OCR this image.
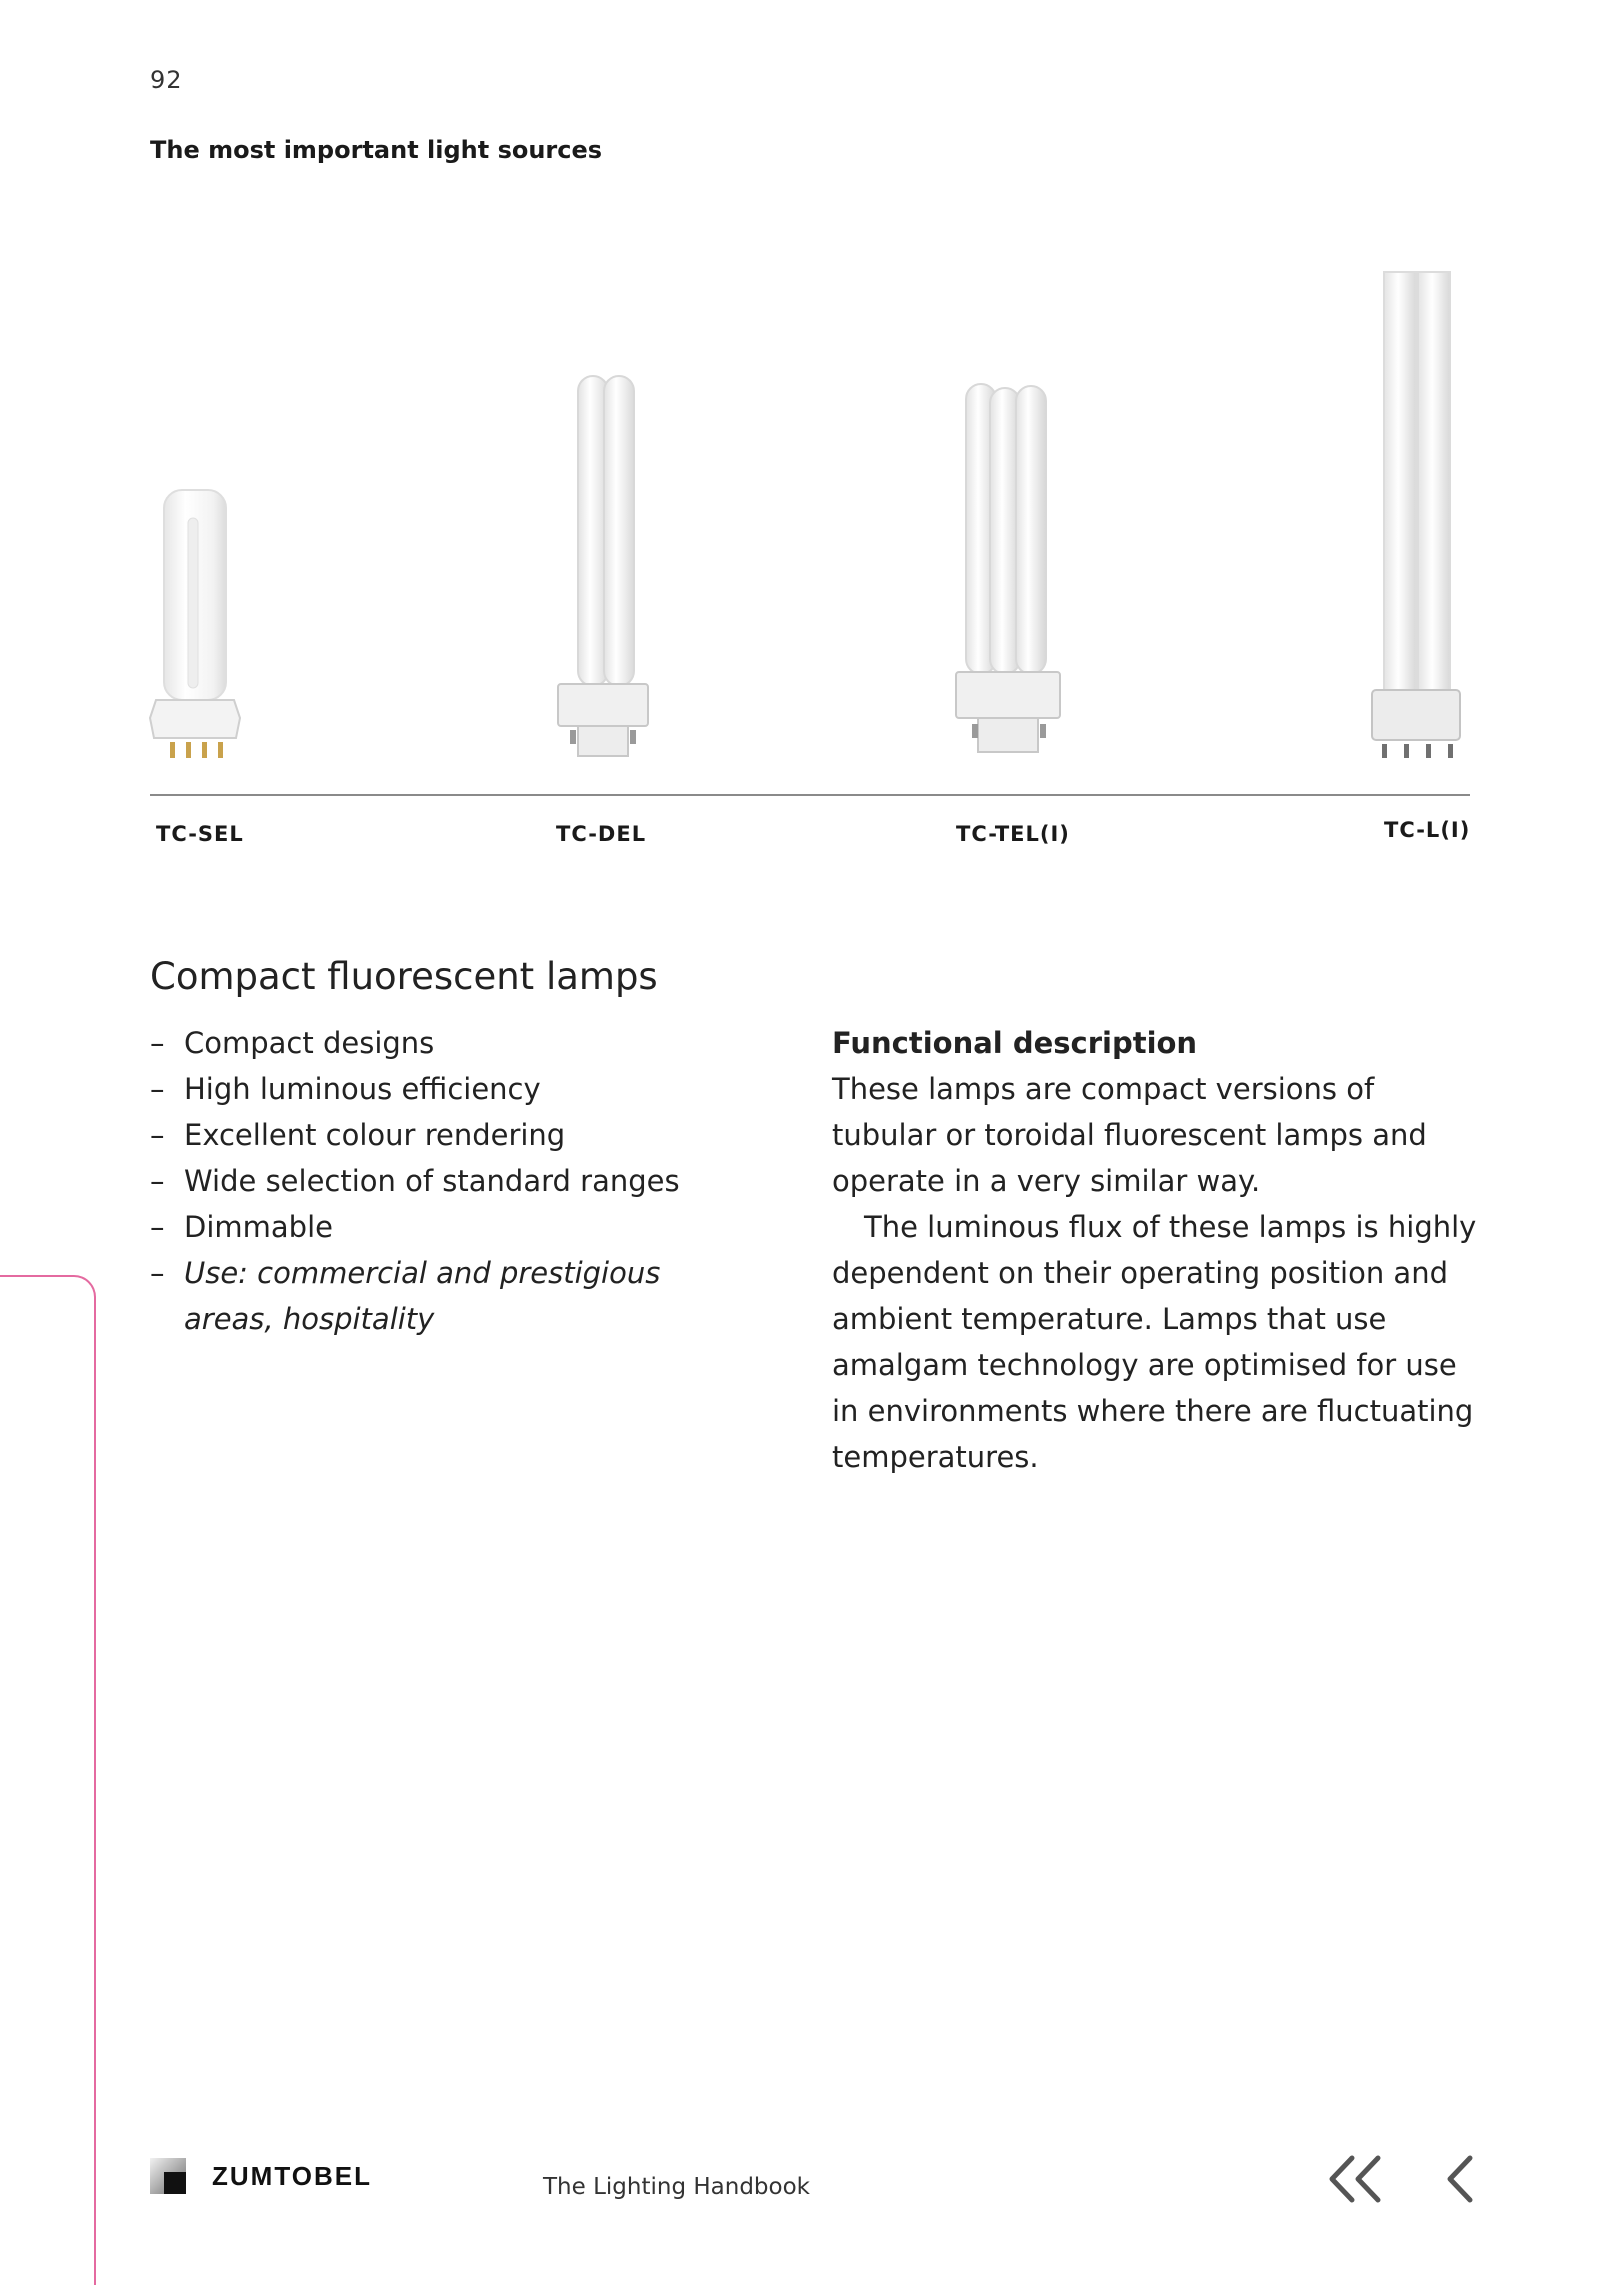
92
The most important light sources
TC-SEL	TC-DEL	TC-TEL(I)	TC-L(I)
Compact fluorescent lamps
– Compact designs
– High luminous efficiency
– Excellent colour rendering
– Wide selection of standard ranges
– Dimmable
– Use: commercial and prestigious areas, hospitality

Functional description

These lamps are compact versions of tubular or toroidal fluorescent lamps and operate in a very similar way.

The luminous flux of these lamps is highly dependent on their operating position and ambient temperature. Lamps that use amalgam technology are optimised for use in environments where there are fluctuating temperatures.

ZUMTOBEL	The Lighting Handbook
